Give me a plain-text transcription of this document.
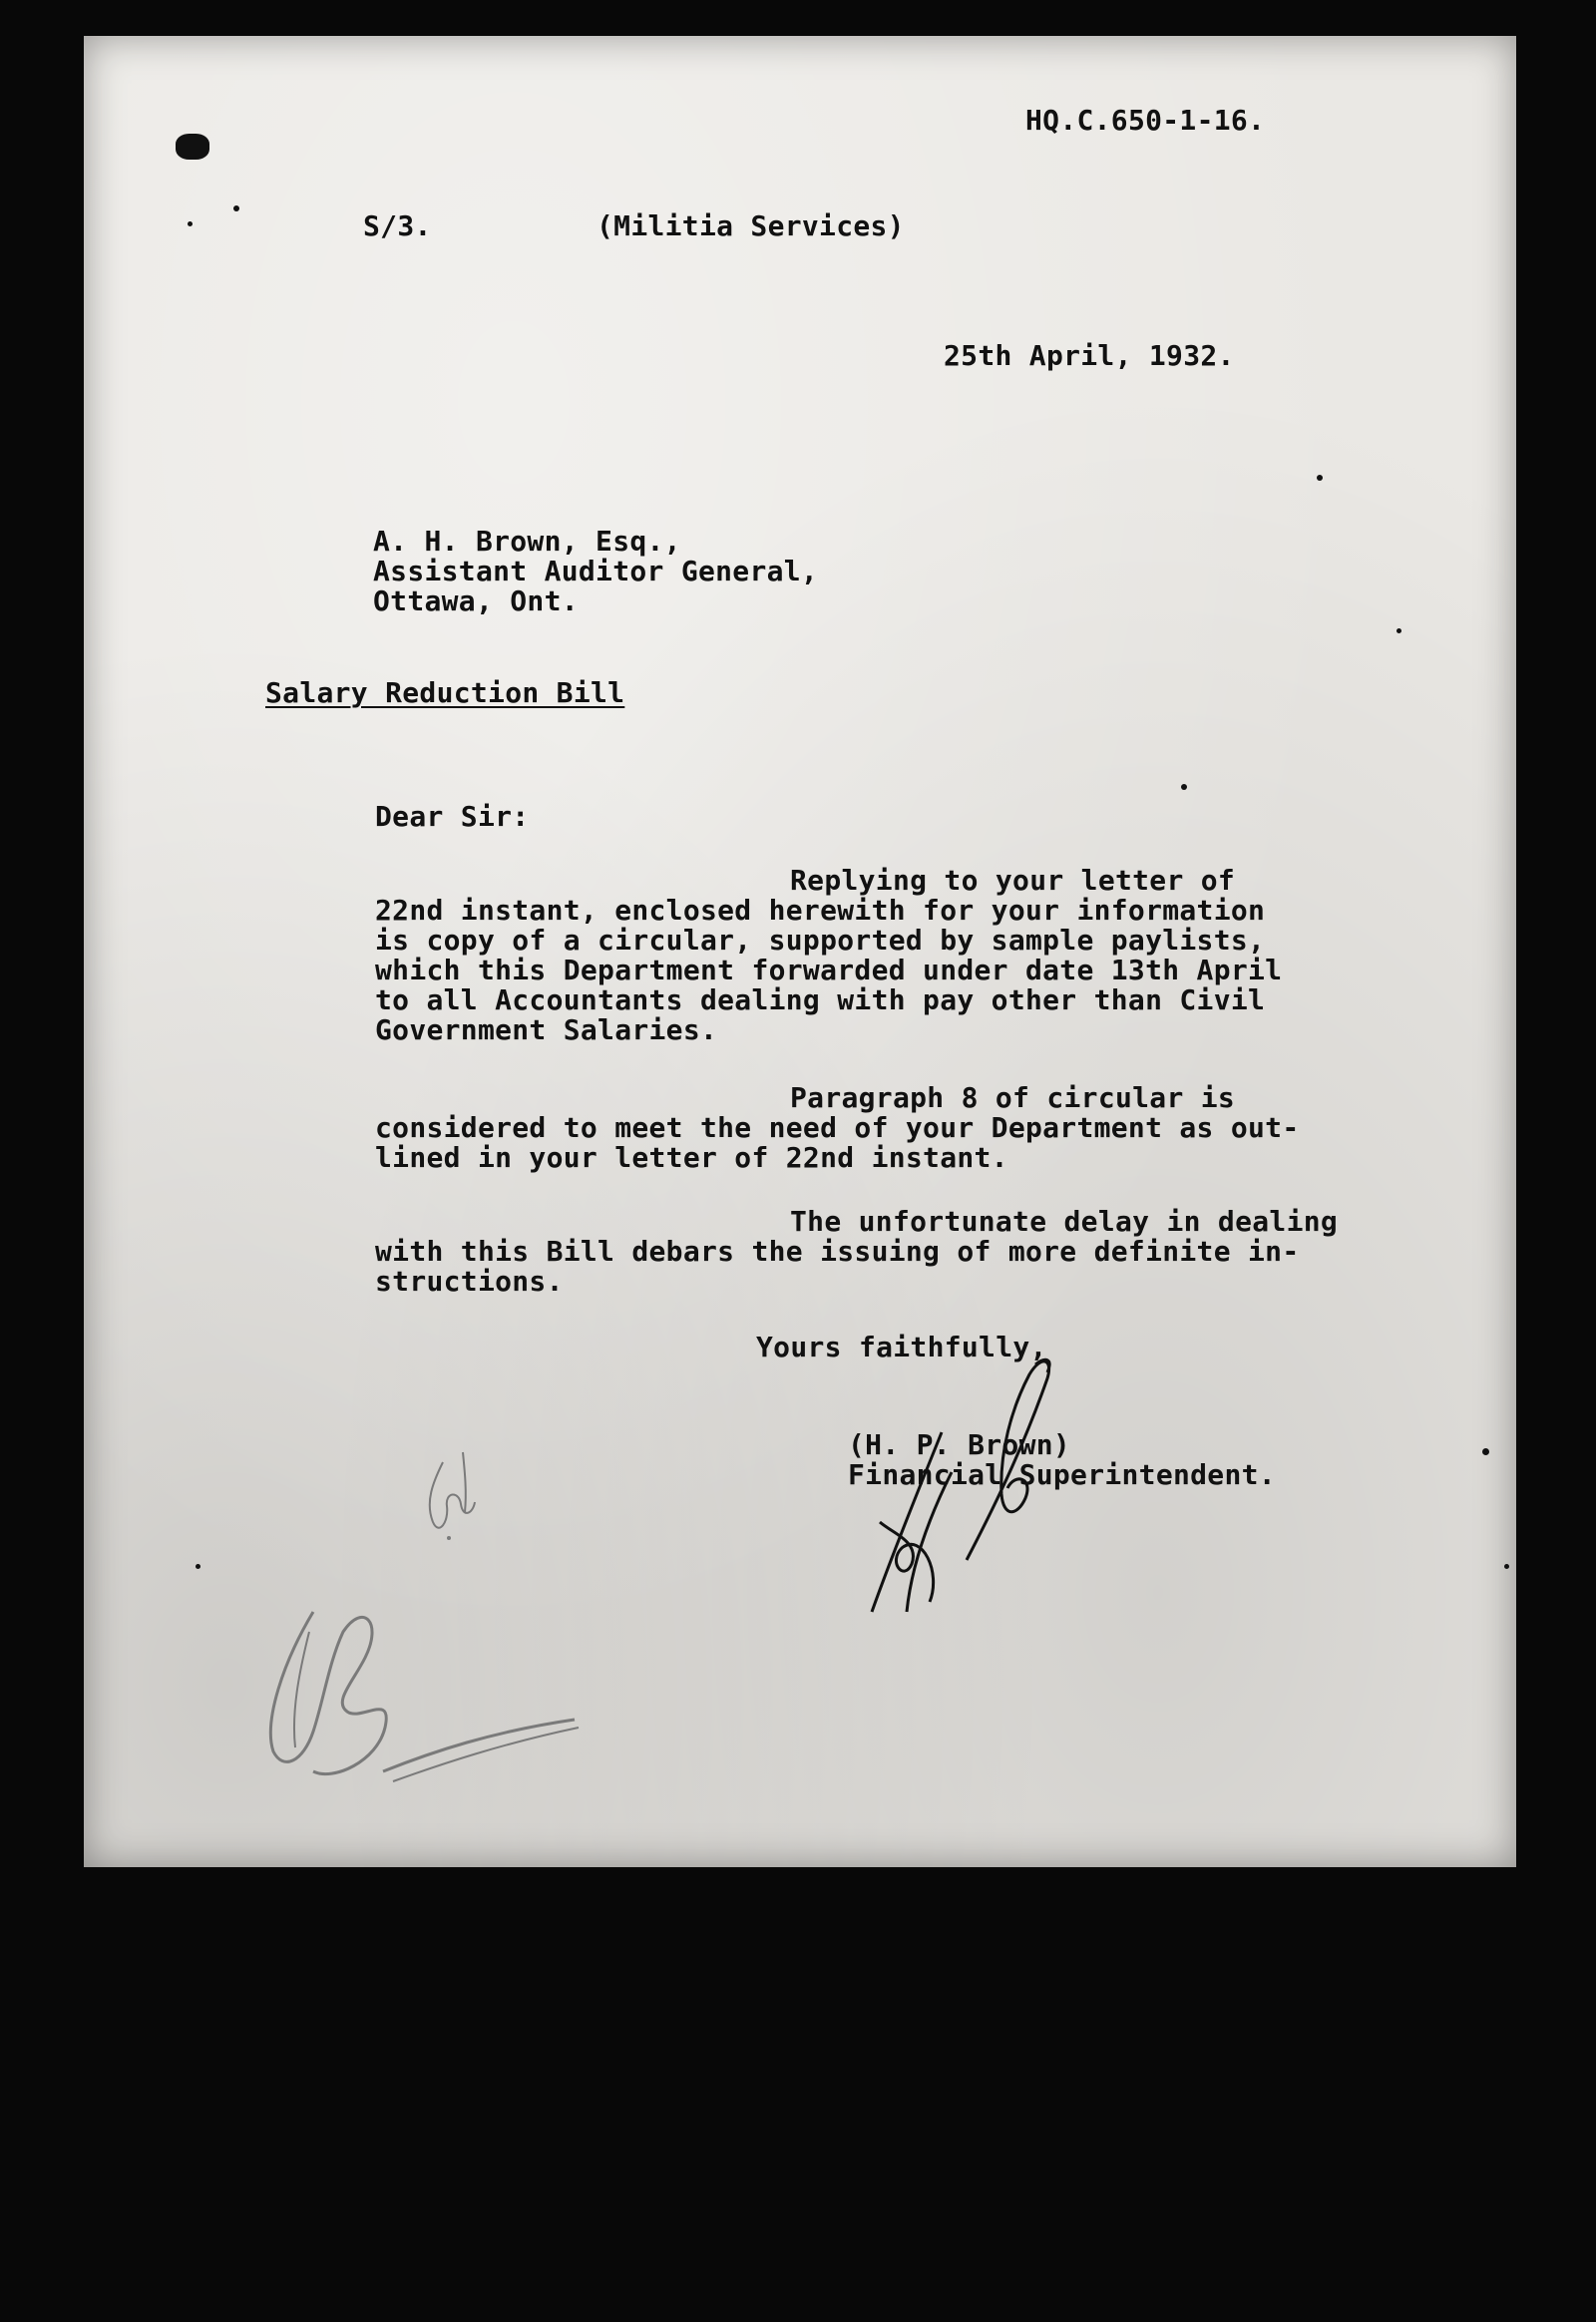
HQ.C.650-1-16.
S/3.	(Militia Services)
25th April, 1932.
A. H. Brown, Esq.,
Assistant Auditor General,
Ottawa, Ont.
Salary Reduction Bill
Dear Sir:
Replying to your letter of
22nd instant, enclosed herewith for your information
is copy of a circular, supported by sample paylists,
which this Department forwarded under date 13th April
to all Accountants dealing with pay other than Civil
Government Salaries.
Paragraph 8 of circular is
considered to meet the need of your Department as out-
lined in your letter of 22nd instant.
The unfortunate delay in dealing
with this Bill debars the issuing of more definite in-
structions.
Yours faithfully,
(H. P. Brown)
Financial Superintendent.
